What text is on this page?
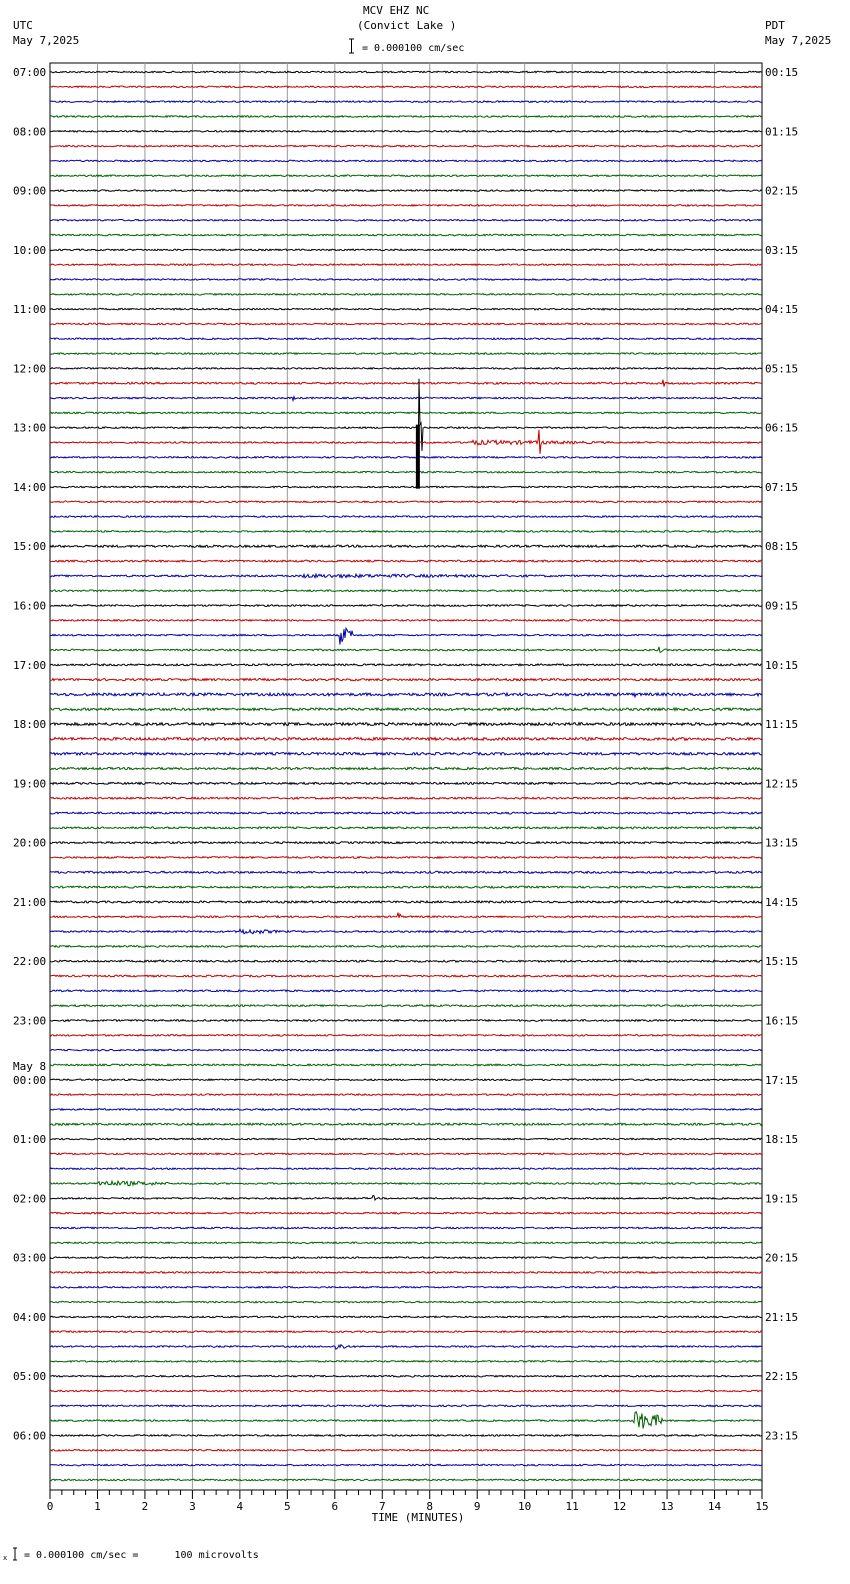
MCV EHZ NC
(Convict Lake )
= 0.000100 cm/sec
UTC
May 7,2025
PDT
May 7,2025
07:00
08:00
09:00
10:00
11:00
12:00
13:00
14:00
15:00
16:00
17:00
18:00
19:00
20:00
21:00
22:00
23:00
00:00
01:00
02:00
03:00
04:00
05:00
06:00
00:15
01:15
02:15
03:15
04:15
05:15
06:15
07:15
08:15
09:15
10:15
11:15
12:15
13:15
14:15
15:15
16:15
17:15
18:15
19:15
20:15
21:15
22:15
23:15
May 8
0	1	2	3	4	5	6	7	8	9	10	11	12	13	14	15
TIME (MINUTES)
x = 0.000100 cm/sec =      100 microvolts
